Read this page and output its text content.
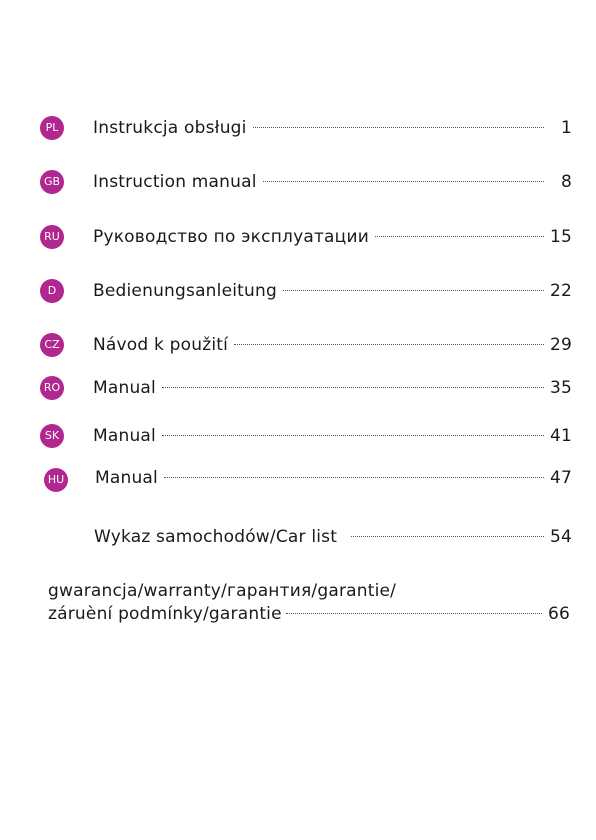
PL	Instrukcja obsługi	1
GB Instruction manual	8
RU Руководство по эксплуатации	15
D	Bedienungsanleitung	22
CZ Návod k použití	29
RO Manual	35
SK Manual	41
HU Manual	47
Wykaz samochodów/Car list	54
gwarancja/warranty/гарантия/garantie/
záruèní podmínky/garantie	66
